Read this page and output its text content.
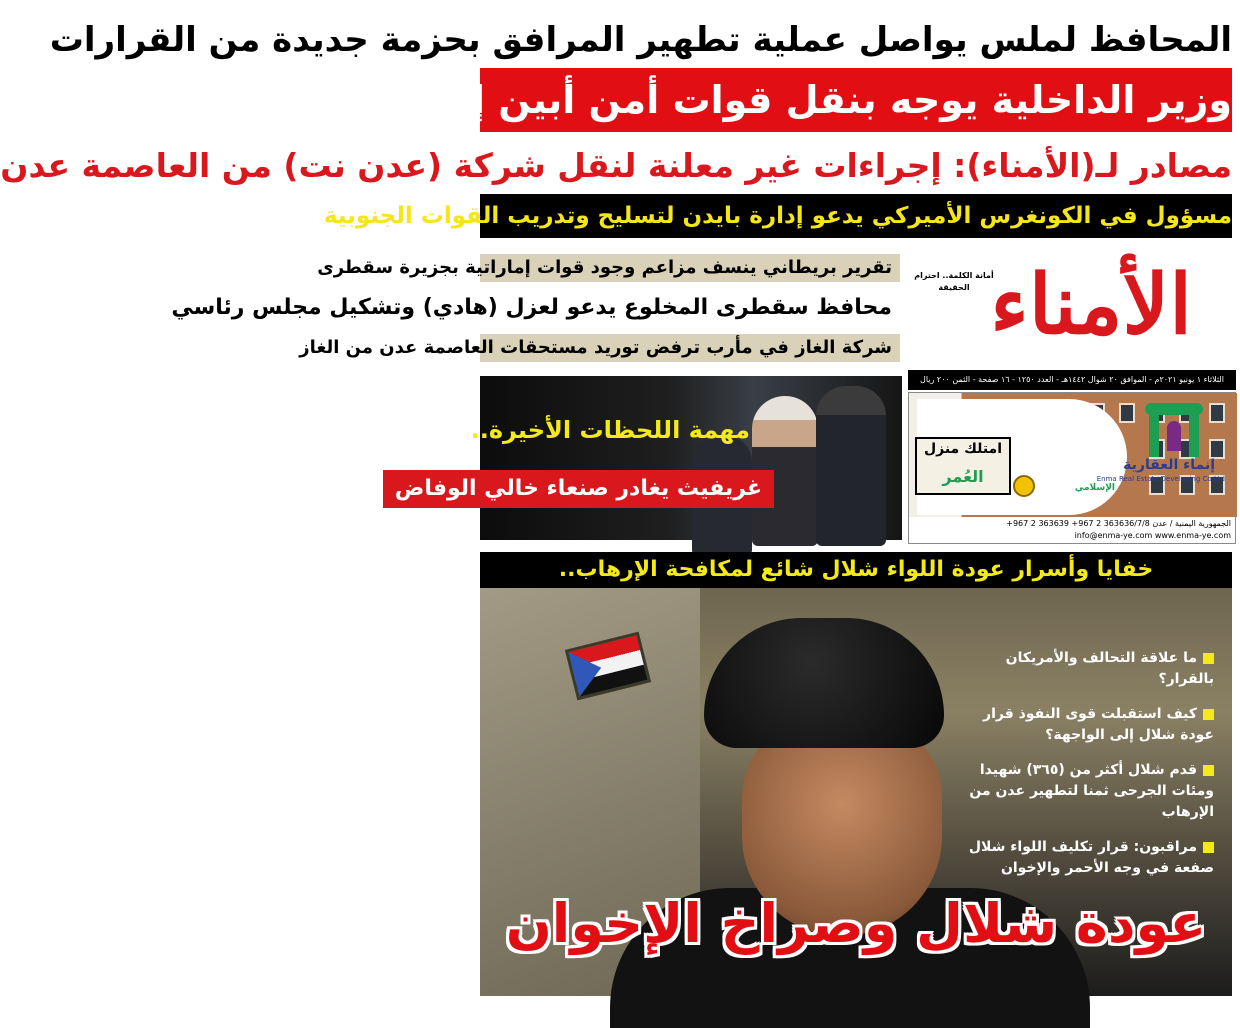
المحافظ لملس يواصل عملية تطهير المرافق بحزمة جديدة من القرارات
وزير الداخلية يوجه بنقل قوات أمن أبين إلى شبوة
مصادر لـ(الأمناء): إجراءات غير معلنة لنقل شركة (عدن نت) من العاصمة عدن
مسؤول في الكونغرس الأميركي يدعو إدارة بايدن لتسليح وتدريب القوات الجنوبية
تقرير بريطاني ينسف مزاعم وجود قوات إماراتية بجزيرة سقطرى
محافظ سقطرى المخلوع يدعو لعزل (هادي) وتشكيل مجلس رئاسي
شركة الغاز في مأرب ترفض توريد مستحقات العاصمة عدن من الغاز الأمناء
أمانة الكلمة.. احترام الحقيقة
الثلاثاء ١ يونيو ٢٠٢١م - الموافق ٢٠ شوال ١٤٤٢هـ - العدد ١٢٥٠ - ١٦ صفحة - الثمن ٢٠٠ ريال
مهمة اللحظات الأخيرة..
غريفيث يغادر صنعاء خالي الوفاض
إنماء العقارية
Enma Real Estate Developing Co Ltd
الإسلامي
امتلك منزل
العُمر
الجمهورية اليمنية / عدن 363636/7/8 2 967+ 363639 2 967+
info@enma-ye.com www.enma-ye.com
خفايا وأسرار عودة اللواء شلال شائع لمكافحة الإرهاب..
ما علاقة التحالف والأمريكان بالقرار؟
كيف استقبلت قوى النفوذ قرار عودة شلال إلى الواجهة؟
قدم شلال أكثر من (٣٦٥) شهيدا ومئات الجرحى ثمنا لتطهير عدن من الإرهاب
مراقبون: قرار تكليف اللواء شلال صفعة في وجه الأحمر والإخوان
عودة شلال وصراخ الإخوان
